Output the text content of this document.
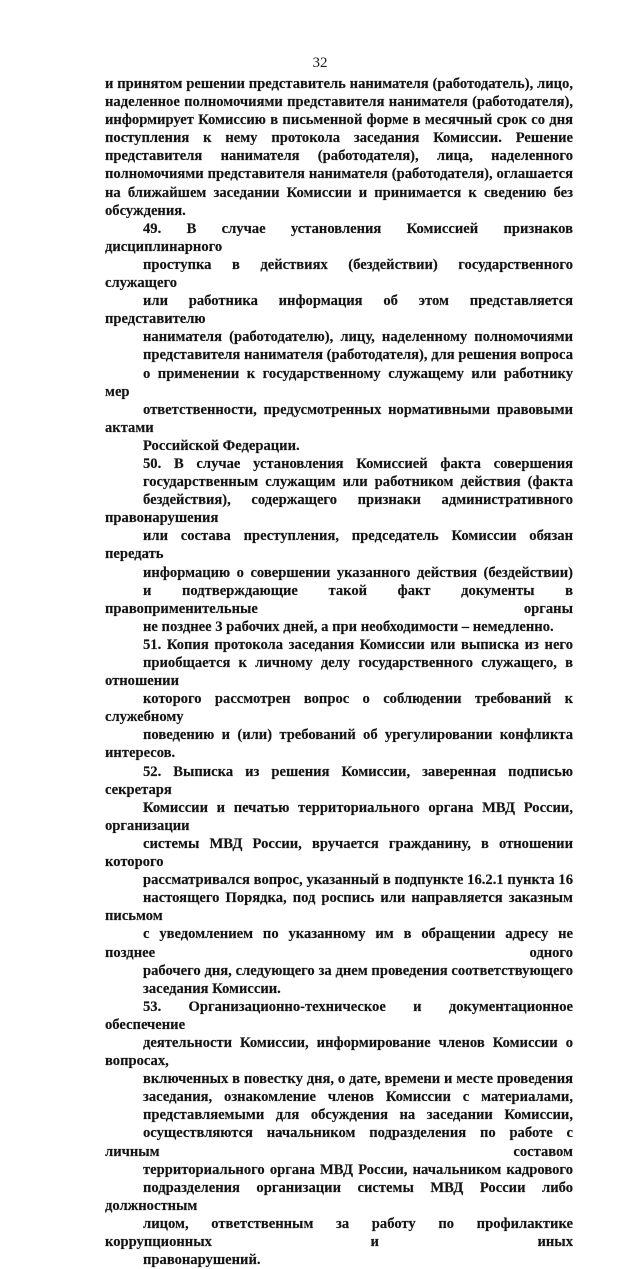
32
и принятом решении представитель нанимателя (работодатель), лицо,
наделенное полномочиями представителя нанимателя (работодателя),
информирует Комиссию в письменной форме в месячный срок со дня
поступления к нему протокола заседания Комиссии. Решение
представителя нанимателя (работодателя), лица, наделенного
полномочиями представителя нанимателя (работодателя), оглашается
на ближайшем заседании Комиссии и принимается к сведению без
обсуждения.
49. В случае установления Комиссией признаков дисциплинарного
проступка в действиях (бездействии) государственного служащего
или работника информация об этом представляется представителю
нанимателя (работодателю), лицу, наделенному полномочиями
представителя нанимателя (работодателя), для решения вопроса
о применении к государственному служащему или работнику мер
ответственности, предусмотренных нормативными правовыми актами
Российской Федерации.
50. В случае установления Комиссией факта совершения
государственным служащим или работником действия (факта
бездействия), содержащего признаки административного правонарушения
или состава преступления, председатель Комиссии обязан передать
информацию о совершении указанного действия (бездействии)
и подтверждающие такой факт документы в правоприменительные органы
не позднее 3 рабочих дней, а при необходимости – немедленно.
51. Копия протокола заседания Комиссии или выписка из него
приобщается к личному делу государственного служащего, в отношении
которого рассмотрен вопрос о соблюдении требований к служебному
поведению и (или) требований об урегулировании конфликта интересов.
52. Выписка из решения Комиссии, заверенная подписью секретаря
Комиссии и печатью территориального органа МВД России, организации
системы МВД России, вручается гражданину, в отношении которого
рассматривался вопрос, указанный в подпункте 16.2.1 пункта 16
настоящего Порядка, под роспись или направляется заказным письмом
с уведомлением по указанному им в обращении адресу не позднее одного
рабочего дня, следующего за днем проведения соответствующего
заседания Комиссии.
53. Организационно-техническое и документационное обеспечение
деятельности Комиссии, информирование членов Комиссии о вопросах,
включенных в повестку дня, о дате, времени и месте проведения
заседания, ознакомление членов Комиссии с материалами,
представляемыми для обсуждения на заседании Комиссии,
осуществляются начальником подразделения по работе с личным составом
территориального органа МВД России, начальником кадрового
подразделения организации системы МВД России либо должностным
лицом, ответственным за работу по профилактике коррупционных и иных
правонарушений.
